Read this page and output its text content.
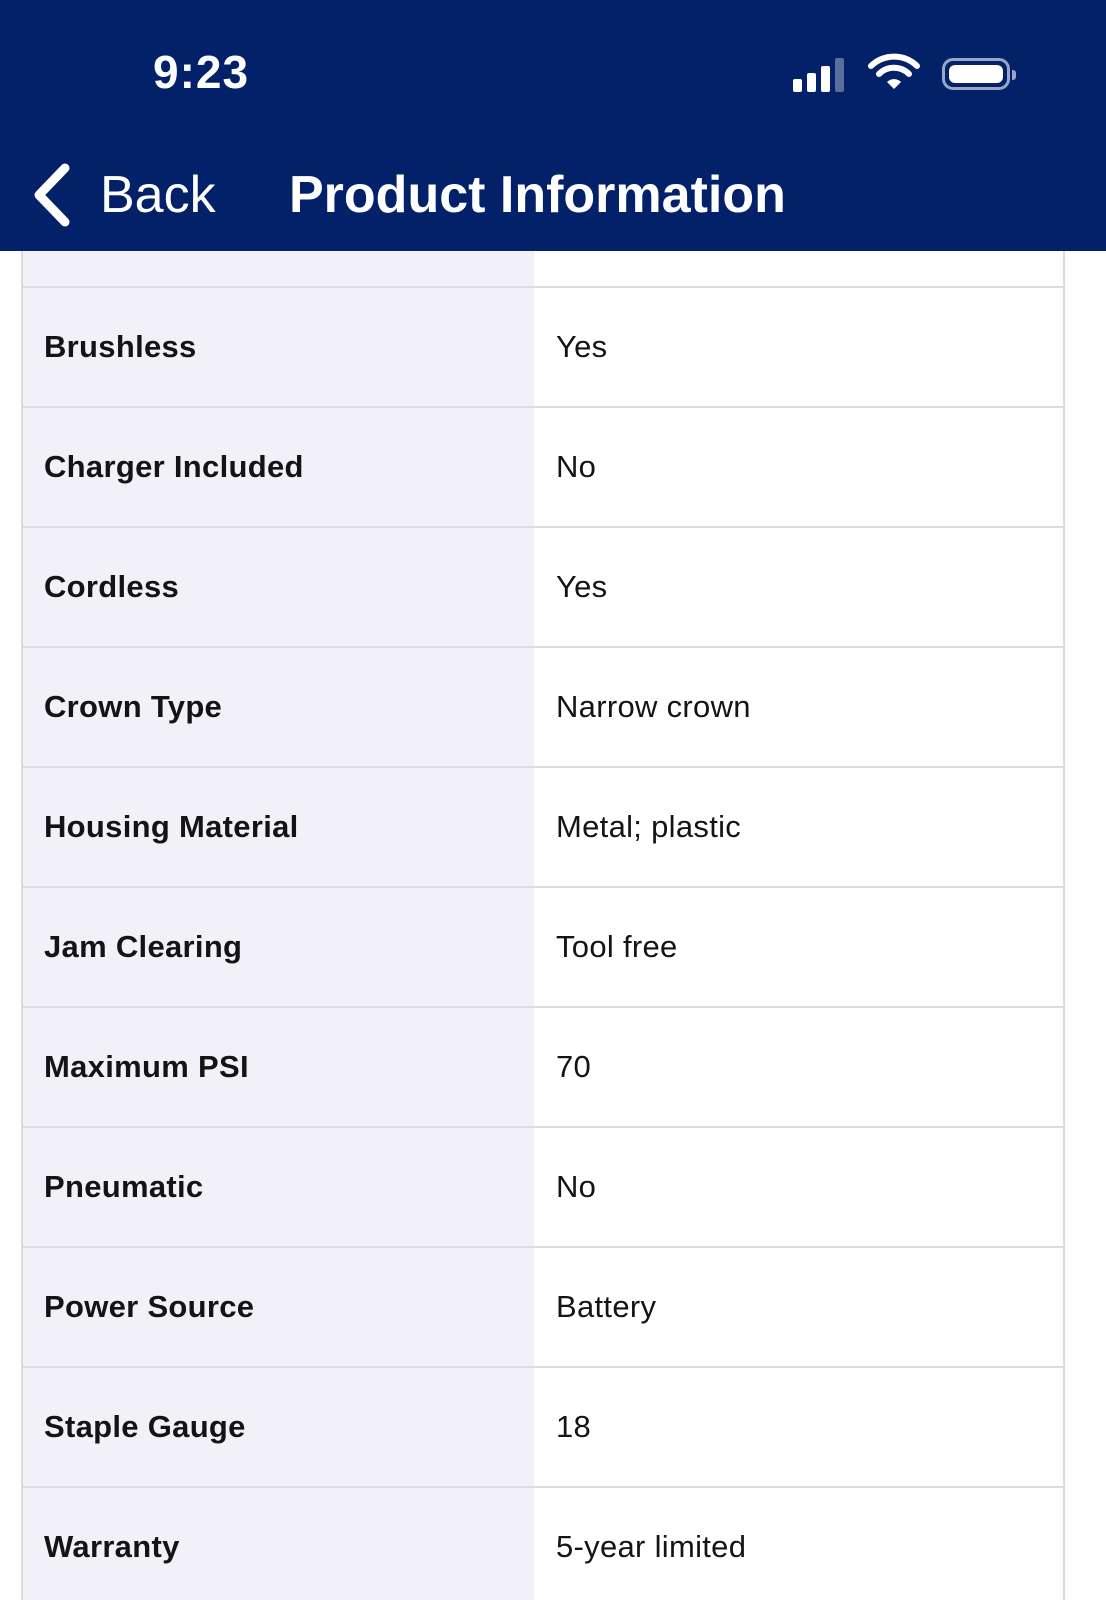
9:23
Back Product Information
Brushless	Yes
Charger Included	No
Cordless	Yes
Crown Type	Narrow crown
Housing Material	Metal; plastic
Jam Clearing	Tool free
Maximum PSI	70
Pneumatic	No
Power Source	Battery
Staple Gauge	18
Warranty	5-year limited
